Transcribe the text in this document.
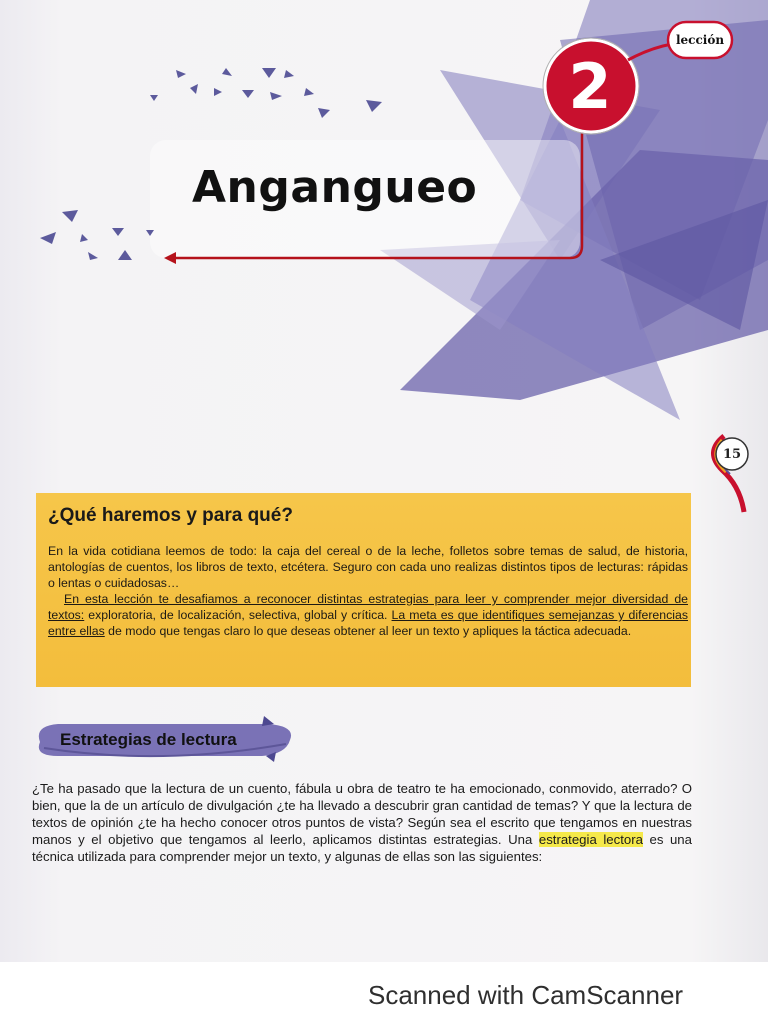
lección
2
Angangueo
15
¿Qué haremos y para qué?

En la vida cotidiana leemos de todo: la caja del cereal o de la leche, folletos sobre temas de salud, de historia, antologías de cuentos, los libros de texto, etcétera. Seguro con cada uno realizas distintos tipos de lecturas: rápidas o lentas o cuidadosas…

En esta lección te desafiamos a reconocer distintas estrategias para leer y comprender mejor diversidad de textos: exploratoria, de localización, selectiva, global y crítica. La meta es que identifiques semejanzas y diferencias entre ellas de modo que tengas claro lo que deseas obtener al leer un texto y apliques la táctica adecuada.

Estrategias de lectura
¿Te ha pasado que la lectura de un cuento, fábula u obra de teatro te ha emocionado, conmovido, aterrado? O bien, que la de un artículo de divulgación ¿te ha llevado a descubrir gran cantidad de temas? Y que la lectura de textos de opinión ¿te ha hecho conocer otros puntos de vista? Según sea el escrito que tengamos en nuestras manos y el objetivo que tengamos al leerlo, aplicamos distintas estrategias. Una estrategia lectora es una técnica utilizada para comprender mejor un texto, y algunas de ellas son las siguientes:
Scanned with CamScanner
